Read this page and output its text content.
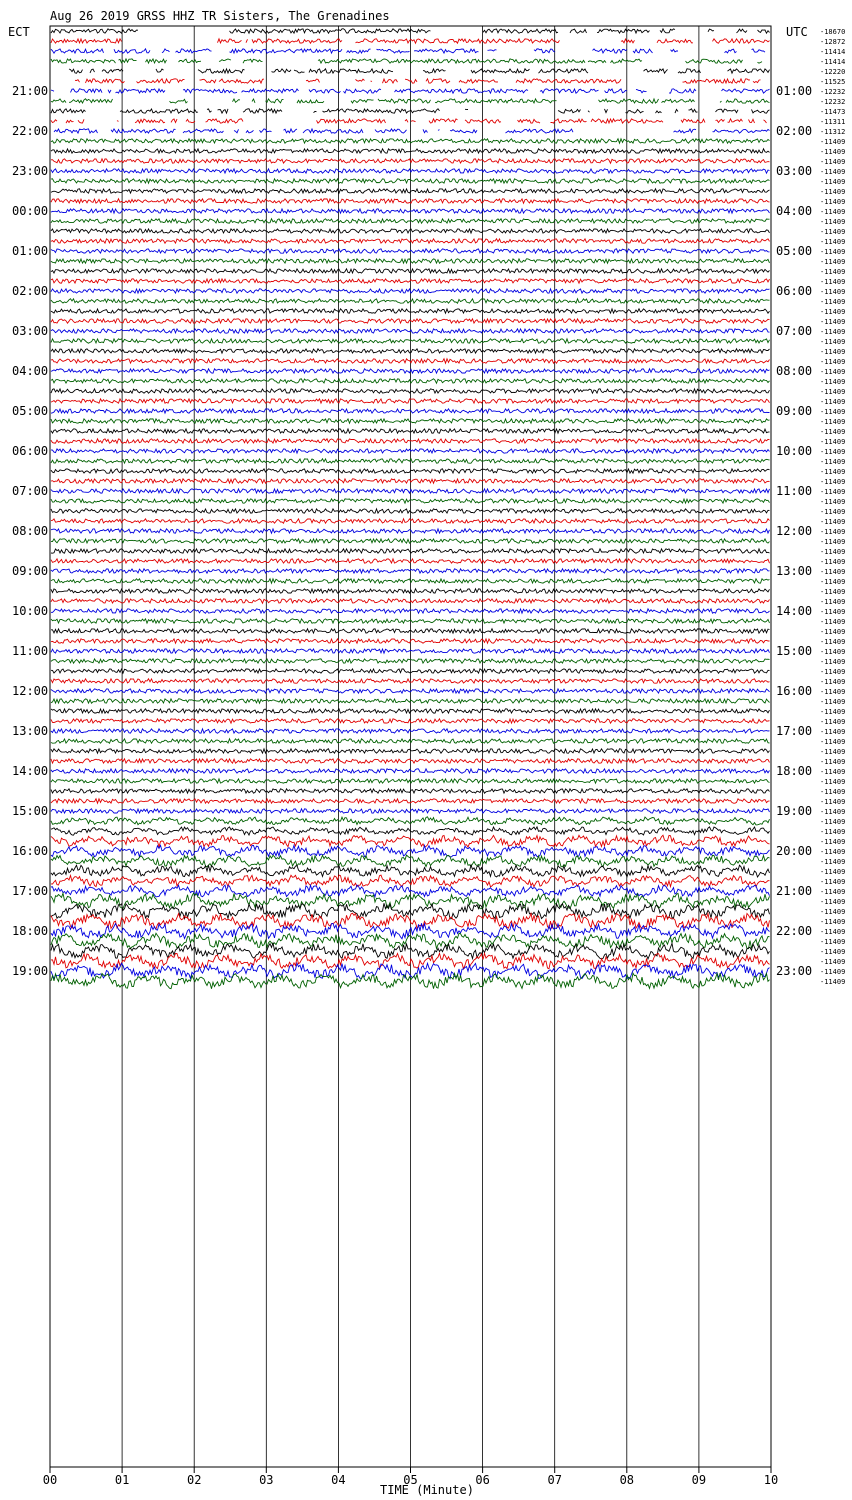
Aug 26 2019 GRSS HHZ TR Sisters, The Grenadines
ECT	UTC
00	01	02	03	04	05	06	07	08	09	10
-18670
-12872
-11414
-11414
-12220
-11525
-12232
-12232
-11473
-11311
-11312
-11409
-11409
-11409
-11409
-11409
-11409
-11409
-11409
-11409
-11409
-11409
-11409
-11409
-11409
-11409
-11409
-11409
-11409
-11409
-11409
-11409
-11409
-11409
-11409
-11409
-11409
-11409
-11409
-11409
-11409
-11409
-11409
-11409
-11409
-11409
-11409
-11409
-11409
-11409
-11409
-11409
-11409
-11409
-11409
-11409
-11409
-11409
-11409
-11409
-11409
-11409
-11409
-11409
-11409
-11409
-11409
-11409
-11409
-11409
-11409
-11409
-11409
-11409
-11409
-11409
-11409
-11409
-11409
-11409
-11409
-11409
-11409
-11409
-11409
-11409
-11409
-11409
-11409
-11409
-11409
-11409
-11409
-11409
-11409
-11409
21:00	01:00
22:00	02:00
23:00	03:00
00:00	04:00
01:00	05:00
02:00	06:00
03:00	07:00
04:00	08:00
05:00	09:00
06:00	10:00
07:00	11:00
08:00	12:00
09:00	13:00
10:00	14:00
11:00	15:00
12:00	16:00
13:00	17:00
14:00	18:00
15:00	19:00
16:00	20:00
17:00	21:00
18:00	22:00
19:00	23:00
TIME (Minute)
